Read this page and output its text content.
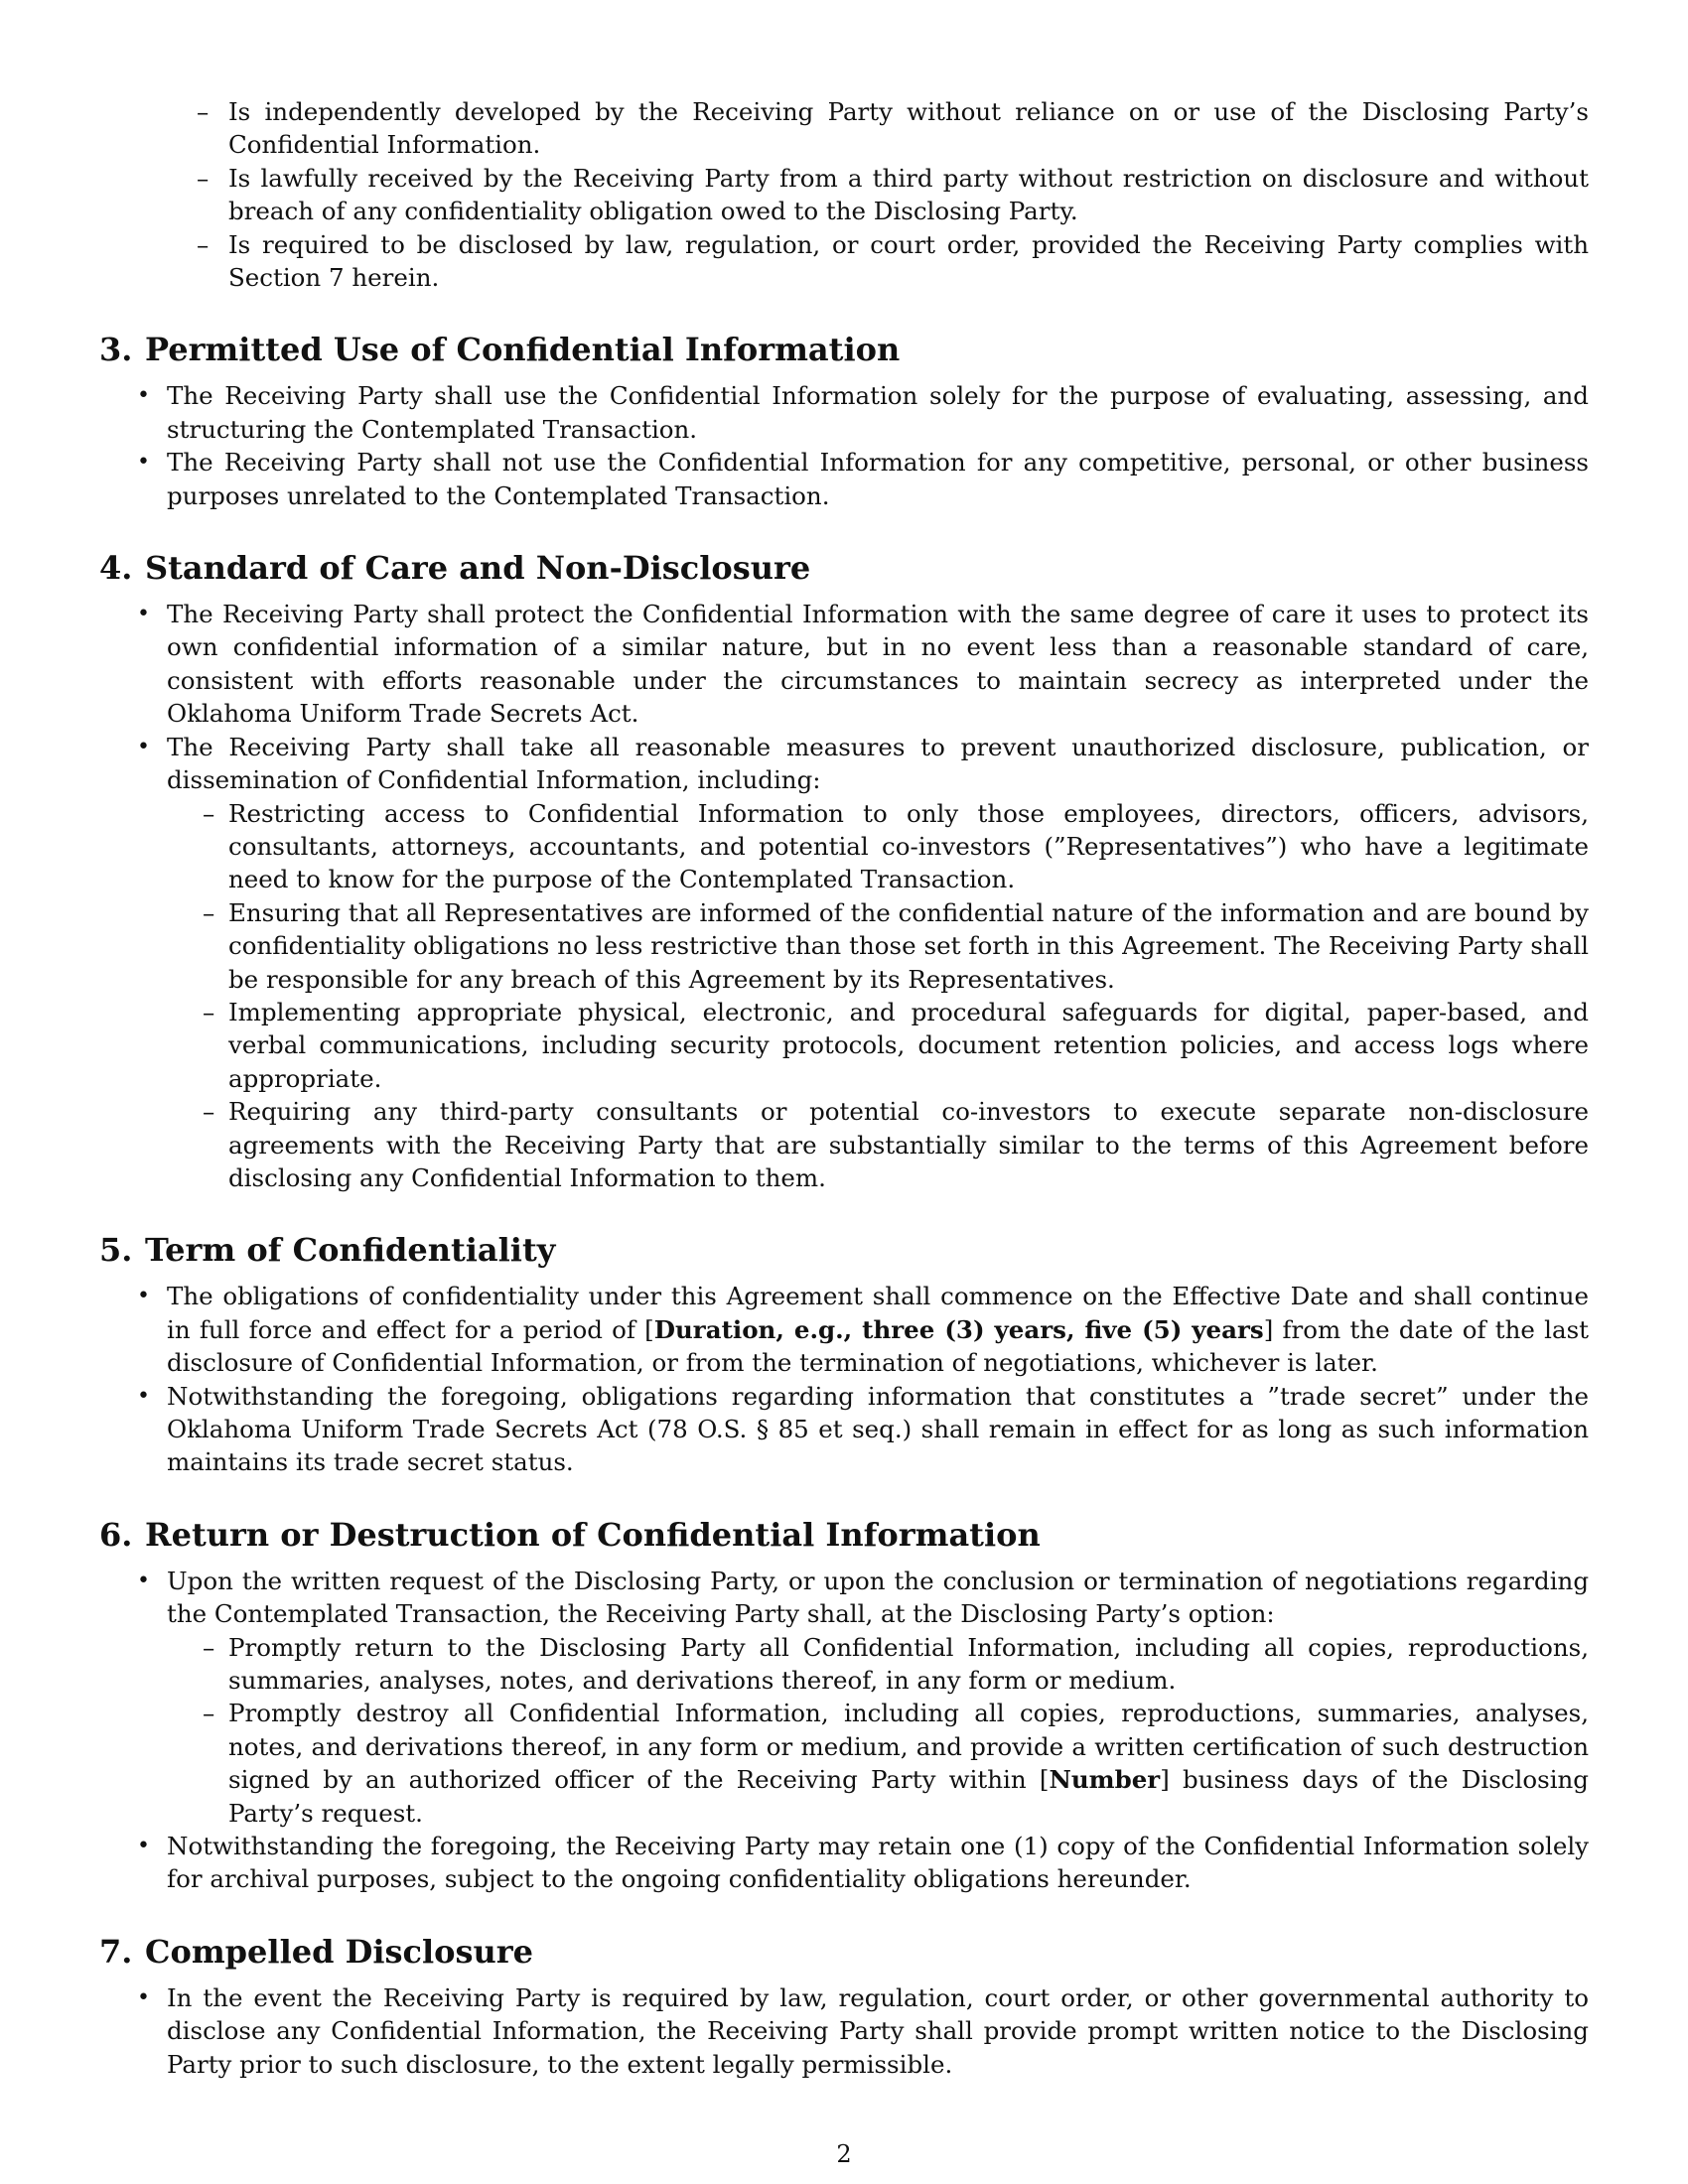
– Is independently developed by the Receiving Party without reliance on or use of the Disclosing Party’s Confidential Information.
– Is lawfully received by the Receiving Party from a third party without restriction on disclosure and without breach of any confidentiality obligation owed to the Disclosing Party.
– Is required to be disclosed by law, regulation, or court order, provided the Receiving Party complies with Section 7 herein.
3. Permitted Use of Confidential Information
• The Receiving Party shall use the Confidential Information solely for the purpose of evaluating, assessing, and structuring the Contemplated Transaction.
• The Receiving Party shall not use the Confidential Information for any competitive, personal, or other business purposes unrelated to the Contemplated Transaction.
4. Standard of Care and Non-Disclosure
• The Receiving Party shall protect the Confidential Information with the same degree of care it uses to protect its own confidential information of a similar nature, but in no event less than a reasonable standard of care, consistent with efforts reasonable under the circumstances to maintain secrecy as interpreted under the Oklahoma Uniform Trade Secrets Act.
• The Receiving Party shall take all reasonable measures to prevent unauthorized disclosure, publication, or dissemination of Confidential Information, including:
– Restricting access to Confidential Information to only those employees, directors, officers, advisors, consultants, attorneys, accountants, and potential co-investors (”Representatives”) who have a legitimate need to know for the purpose of the Contemplated Transaction.
– Ensuring that all Representatives are informed of the confidential nature of the information and are bound by confidentiality obligations no less restrictive than those set forth in this Agreement. The Receiving Party shall be responsible for any breach of this Agreement by its Representatives.
– Implementing appropriate physical, electronic, and procedural safeguards for digital, paper-based, and verbal communications, including security protocols, document retention policies, and access logs where appropriate.
– Requiring any third-party consultants or potential co-investors to execute separate non-disclosure agreements with the Receiving Party that are substantially similar to the terms of this Agreement before disclosing any Confidential Information to them.
5. Term of Confidentiality
• The obligations of confidentiality under this Agreement shall commence on the Effective Date and shall continue in full force and effect for a period of [Duration, e.g., three (3) years, five (5) years] from the date of the last disclosure of Confidential Information, or from the termination of negotiations, whichever is later.
• Notwithstanding the foregoing, obligations regarding information that constitutes a ”trade secret” under the Oklahoma Uniform Trade Secrets Act (78 O.S. § 85 et seq.) shall remain in effect for as long as such information maintains its trade secret status.
6. Return or Destruction of Confidential Information
• Upon the written request of the Disclosing Party, or upon the conclusion or termination of negotiations regarding the Contemplated Transaction, the Receiving Party shall, at the Disclosing Party’s option:
– Promptly return to the Disclosing Party all Confidential Information, including all copies, reproductions, summaries, analyses, notes, and derivations thereof, in any form or medium.
– Promptly destroy all Confidential Information, including all copies, reproductions, summaries, analyses, notes, and derivations thereof, in any form or medium, and provide a written certification of such destruction signed by an authorized officer of the Receiving Party within [Number] business days of the Disclosing Party’s request.
• Notwithstanding the foregoing, the Receiving Party may retain one (1) copy of the Confidential Information solely for archival purposes, subject to the ongoing confidentiality obligations hereunder.
7. Compelled Disclosure
• In the event the Receiving Party is required by law, regulation, court order, or other governmental authority to disclose any Confidential Information, the Receiving Party shall provide prompt written notice to the Disclosing Party prior to such disclosure, to the extent legally permissible.
2
